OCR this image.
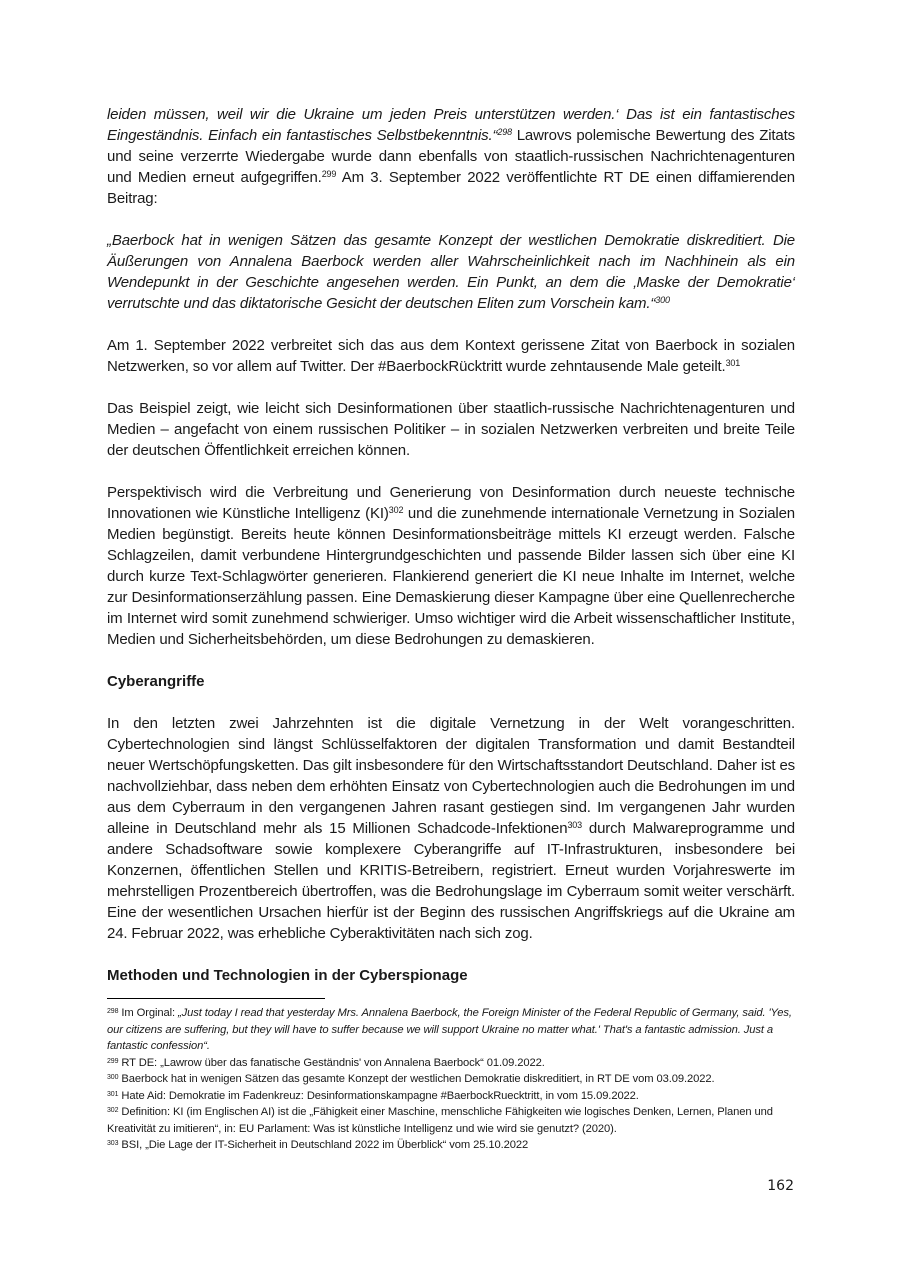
leiden müssen, weil wir die Ukraine um jeden Preis unterstützen werden.‘ Das ist ein fantastisches Eingeständnis. Einfach ein fantastisches Selbstbekenntnis.“$^{298}$ Lawrovs polemische Bewertung des Zitats und seine verzerrte Wiedergabe wurde dann ebenfalls von staatlich-russischen Nachrichtenagenturen und Medien erneut aufgegriffen.$^{299}$ Am 3. September 2022 veröffentlichte RT DE einen diffamierenden Beitrag:

„Baerbock hat in wenigen Sätzen das gesamte Konzept der westlichen Demokratie diskreditiert. Die Äußerungen von Annalena Baerbock werden aller Wahrscheinlichkeit nach im Nachhinein als ein Wendepunkt in der Geschichte angesehen werden. Ein Punkt, an dem die ‚Maske der Demokratie‘ verrutschte und das diktatorische Gesicht der deutschen Eliten zum Vorschein kam.“$^{300}$

Am 1. September 2022 verbreitet sich das aus dem Kontext gerissene Zitat von Baerbock in sozialen Netzwerken, so vor allem auf Twitter. Der #BaerbockRücktritt wurde zehntausende Male geteilt.$^{301}$

Das Beispiel zeigt, wie leicht sich Desinformationen über staatlich-russische Nachrichtenagenturen und Medien – angefacht von einem russischen Politiker – in sozialen Netzwerken verbreiten und breite Teile der deutschen Öffentlichkeit erreichen können.

Perspektivisch wird die Verbreitung und Generierung von Desinformation durch neueste technische Innovationen wie Künstliche Intelligenz (KI)$^{302}$ und die zunehmende internationale Vernetzung in Sozialen Medien begünstigt. Bereits heute können Desinformationsbeiträge mittels KI erzeugt werden. Falsche Schlagzeilen, damit verbundene Hintergrundgeschichten und passende Bilder lassen sich über eine KI durch kurze Text-Schlagwörter generieren. Flankierend generiert die KI neue Inhalte im Internet, welche zur Desinformationserzählung passen. Eine Demaskierung dieser Kampagne über eine Quellenrecherche im Internet wird somit zunehmend schwieriger. Umso wichtiger wird die Arbeit wissenschaftlicher Institute, Medien und Sicherheitsbehörden, um diese Bedrohungen zu demaskieren.

Cyberangriffe

In den letzten zwei Jahrzehnten ist die digitale Vernetzung in der Welt vorangeschritten. Cybertechnologien sind längst Schlüsselfaktoren der digitalen Transformation und damit Bestandteil neuer Wertschöpfungsketten. Das gilt insbesondere für den Wirtschaftsstandort Deutschland. Daher ist es nachvollziehbar, dass neben dem erhöhten Einsatz von Cybertechnologien auch die Bedrohungen im und aus dem Cyberraum in den vergangenen Jahren rasant gestiegen sind. Im vergangenen Jahr wurden alleine in Deutschland mehr als 15 Millionen Schadcode-Infektionen$^{303}$ durch Malwareprogramme und andere Schadsoftware sowie komplexere Cyberangriffe auf IT-Infrastrukturen, insbesondere bei Konzernen, öffentlichen Stellen und KRITIS-Betreibern, registriert. Erneut wurden Vorjahreswerte im mehrstelligen Prozentbereich übertroffen, was die Bedrohungslage im Cyberraum somit weiter verschärft. Eine der wesentlichen Ursachen hierfür ist der Beginn des russischen Angriffskriegs auf die Ukraine am 24. Februar 2022, was erhebliche Cyberaktivitäten nach sich zog.

Methoden und Technologien in der Cyberspionage

$^{298}$ Im Orginal: „Just today I read that yesterday Mrs. Annalena Baerbock, the Foreign Minister of the Federal Republic of Germany, said. 'Yes, our citizens are suffering, but they will have to suffer because we will support Ukraine no matter what.' That's a fantastic admission. Just a fantastic confession“.

$^{299}$ RT DE: „Lawrow über das fanatische Geständnis' von Annalena Baerbock“ 01.09.2022.

$^{300}$ Baerbock hat in wenigen Sätzen das gesamte Konzept der westlichen Demokratie diskreditiert, in RT DE vom 03.09.2022.

$^{301}$ Hate Aid: Demokratie im Fadenkreuz: Desinformationskampagne #BaerbockRuecktritt, in vom 15.09.2022.

$^{302}$ Definition: KI (im Englischen AI) ist die „Fähigkeit einer Maschine, menschliche Fähigkeiten wie logisches Denken, Lernen, Planen und Kreativität zu imitieren“, in: EU Parlament: Was ist künstliche Intelligenz und wie wird sie genutzt? (2020).

$^{303}$ BSI, „Die Lage der IT-Sicherheit in Deutschland 2022 im Überblick“ vom 25.10.2022

162
